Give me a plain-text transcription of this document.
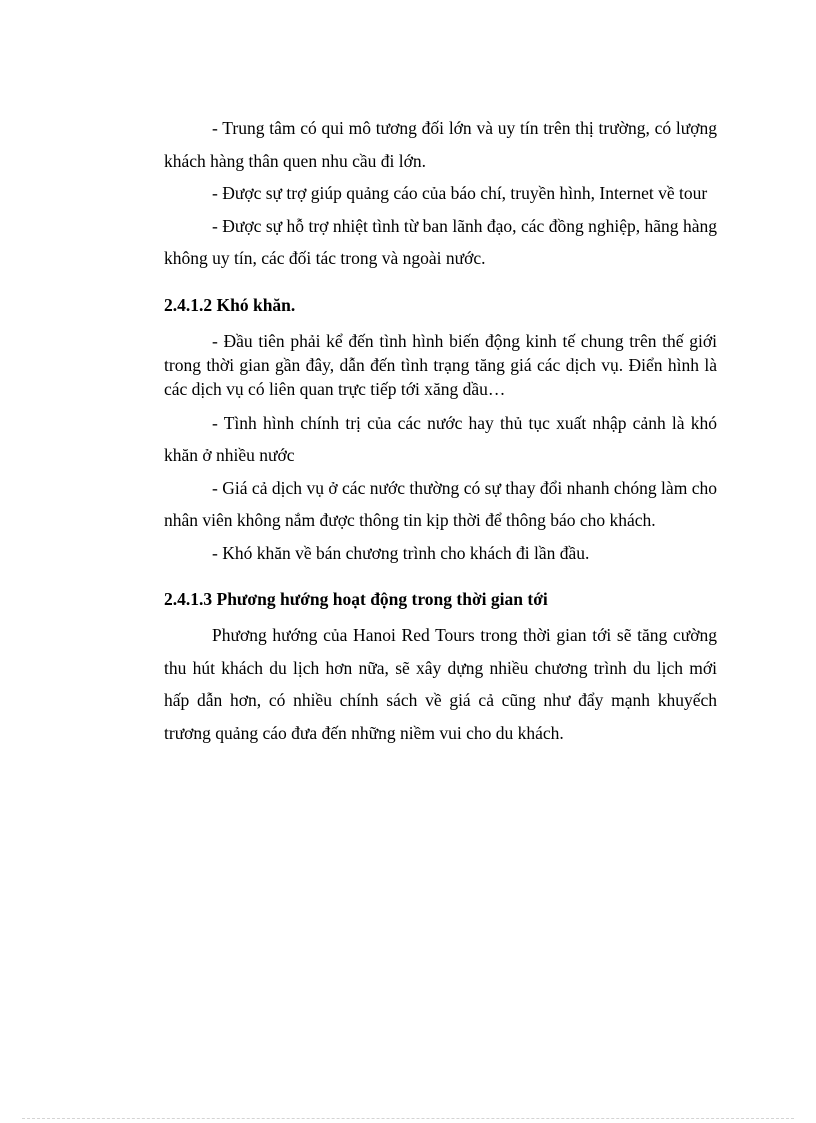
- Trung tâm có qui mô tương đối lớn và uy tín trên thị trường, có lượng khách hàng thân quen nhu cầu đi lớn.

- Được sự trợ giúp quảng cáo của báo chí, truyền hình, Internet về tour

- Được sự hỗ trợ nhiệt tình từ ban lãnh đạo, các đồng nghiệp, hãng hàng không uy tín, các đối tác trong và ngoài nước.

2.4.1.2 Khó khăn.

- Đầu tiên phải kể đến tình hình biến động kinh tế chung trên thế giới trong thời gian gần đây, dẫn đến tình trạng tăng giá các dịch vụ. Điển hình là các dịch vụ có liên quan trực tiếp tới xăng dầu…

- Tình hình chính trị của các nước hay thủ tục xuất nhập cảnh là khó khăn ở nhiều nước

- Giá cả dịch vụ ở các nước thường có sự thay đổi nhanh chóng làm cho nhân viên không nắm được thông tin kịp thời để thông báo cho khách.

- Khó khăn về bán chương trình cho khách đi lần đầu.

2.4.1.3 Phương hướng hoạt động trong thời gian tới

Phương hướng của Hanoi Red Tours trong thời gian tới sẽ tăng cường thu hút khách du lịch hơn nữa, sẽ xây dựng nhiều chương trình du lịch mới hấp dẫn hơn, có nhiều chính sách về giá cả cũng như đẩy mạnh khuyếch trương quảng cáo đưa đến những niềm vui cho du khách.
